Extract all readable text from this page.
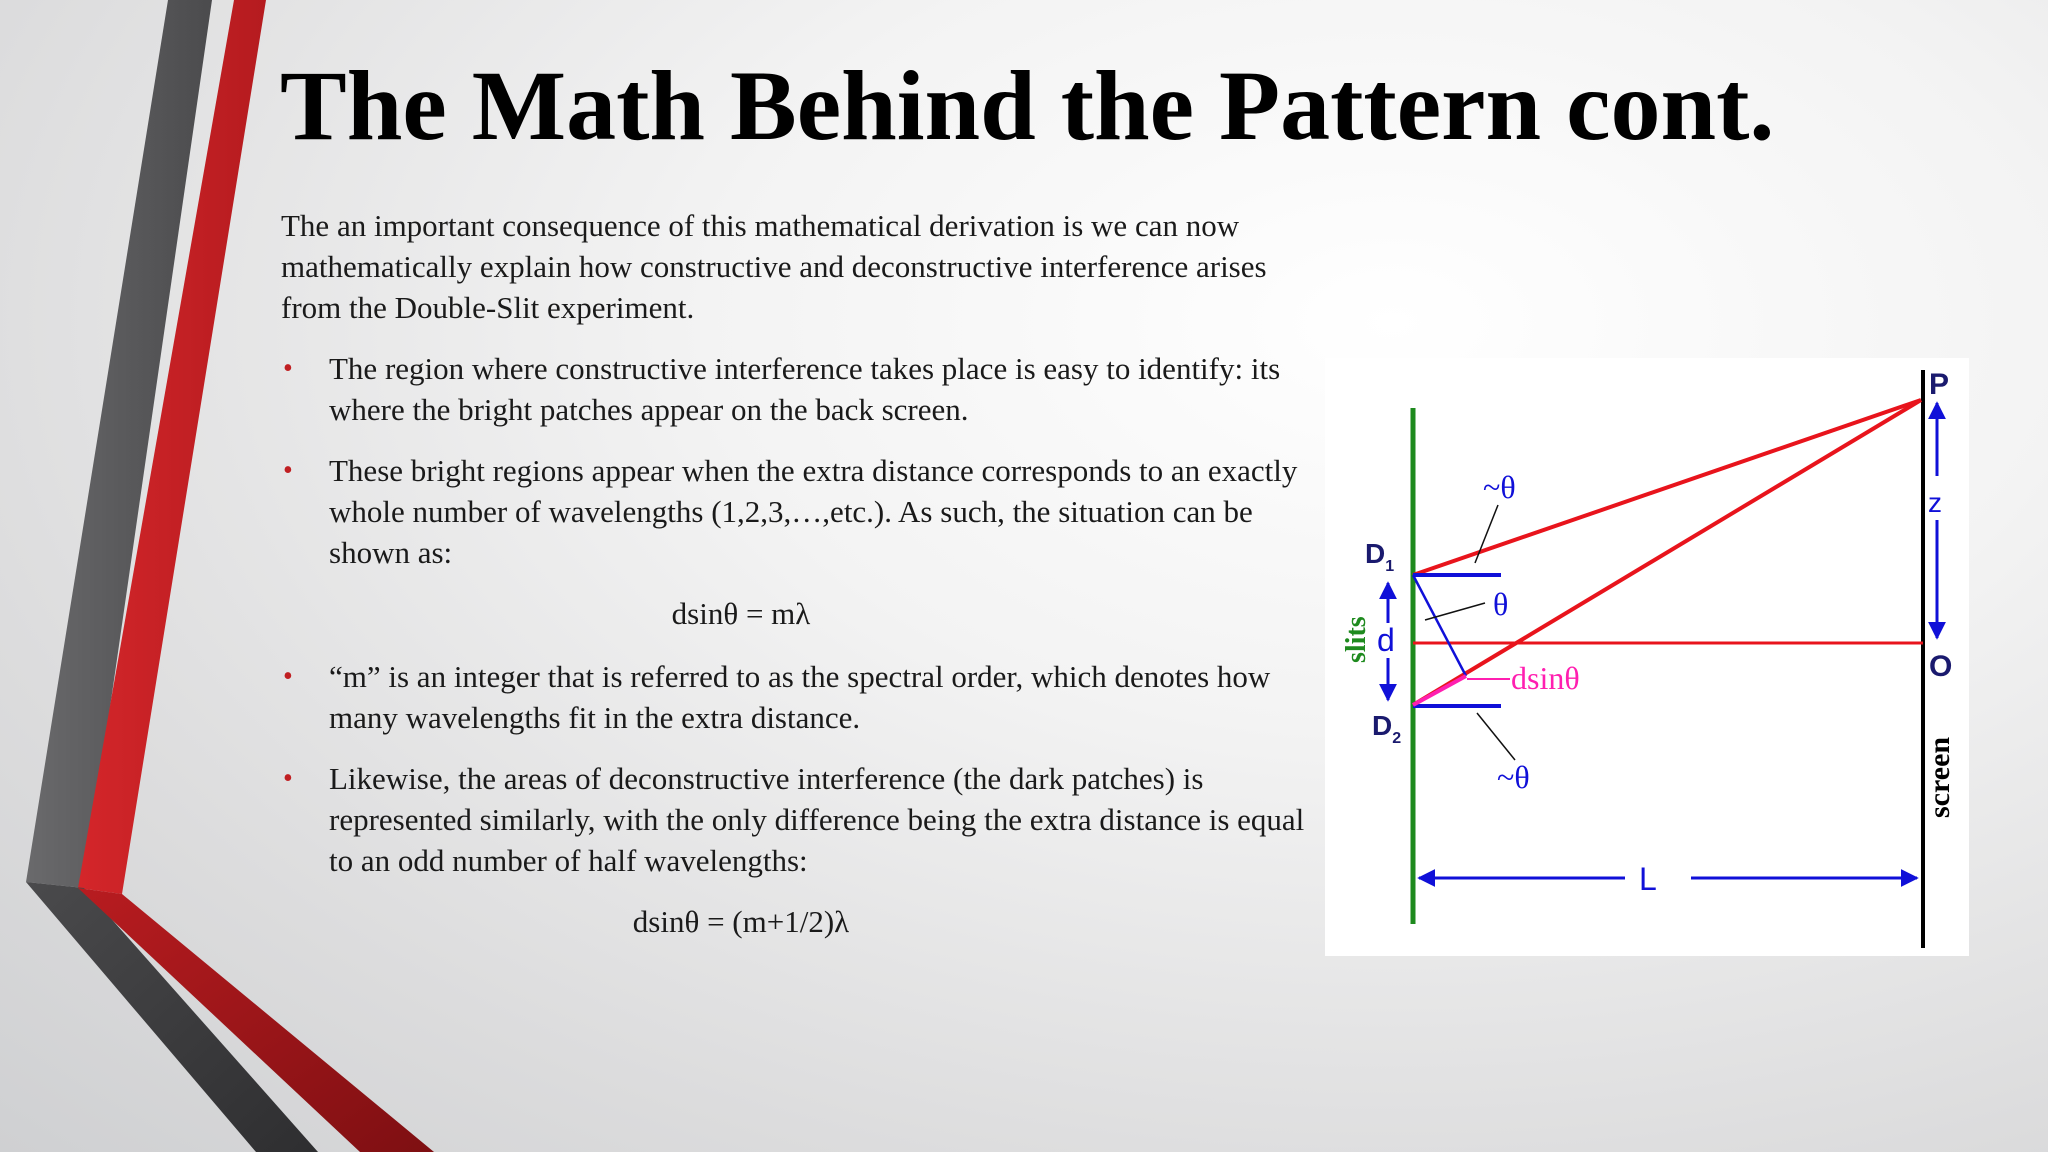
The Math Behind the Pattern cont.

The an important consequence of this mathematical derivation is we can now mathematically explain how constructive and deconstructive interference arises from the Double-Slit experiment.

• The region where constructive interference takes place is easy to identify: its where the bright patches appear on the back screen.
• These bright regions appear when the extra distance corresponds to an exactly whole number of wavelengths (1,2,3,…,etc.). As such, the situation can be shown as:
dsinθ = mλ
• “m” is an integer that is referred to as the spectral order, which denotes how many wavelengths fit in the extra distance.
• Likewise, the areas of deconstructive interference (the dark patches) is represented similarly, with the only difference being the extra distance is equal to an odd number of half wavelengths:
dsinθ = (m+1/2)λ
P
O
z
$D_1$
$D_2$
d
slits
screen
L
~θ
θ
dsinθ
~θ
